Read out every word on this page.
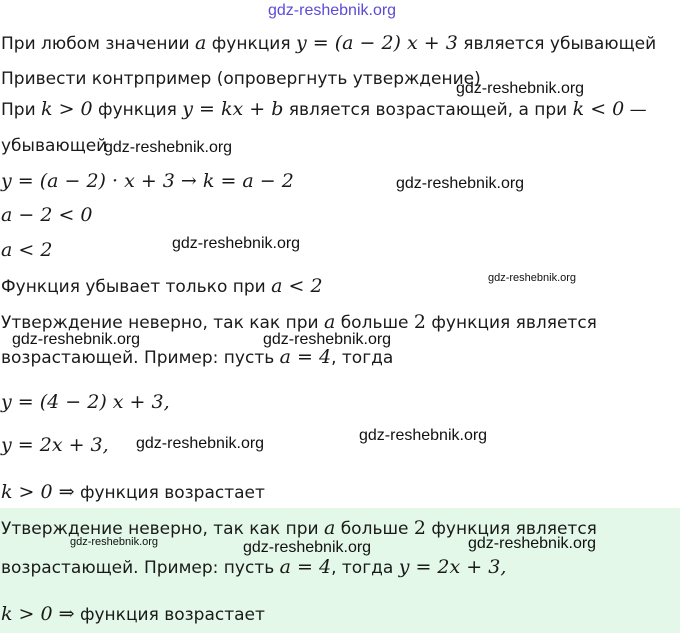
gdz-reshebnik.org
При любом значении a функция y = (a − 2) x + 3 является убывающей
Привести контрпример (опровергнуть утверждение)
При k > 0 функция y = kx + b является возрастающей, а при k < 0 —
убывающей
y = (a − 2) · x + 3 → k = a − 2
a − 2 < 0
a < 2
Функция убывает только при a < 2
Утверждение неверно, так как при a больше 2 функция является
возрастающей. Пример: пусть a = 4, тогда
y = (4 − 2) x + 3,
y = 2x + 3,
k > 0 ⇒ функция возрастает
Утверждение неверно, так как при a больше 2 функция является
возрастающей. Пример: пусть a = 4, тогда y = 2x + 3,
k > 0 ⇒ функция возрастает
gdz-reshebnik.org
gdz-reshebnik.org
gdz-reshebnik.org
gdz-reshebnik.org
gdz-reshebnik.org
gdz-reshebnik.org	gdz-reshebnik.org
gdz-reshebnik.org	gdz-reshebnik.org
gdz-reshebnik.org	gdz-reshebnik.org	gdz-reshebnik.org
